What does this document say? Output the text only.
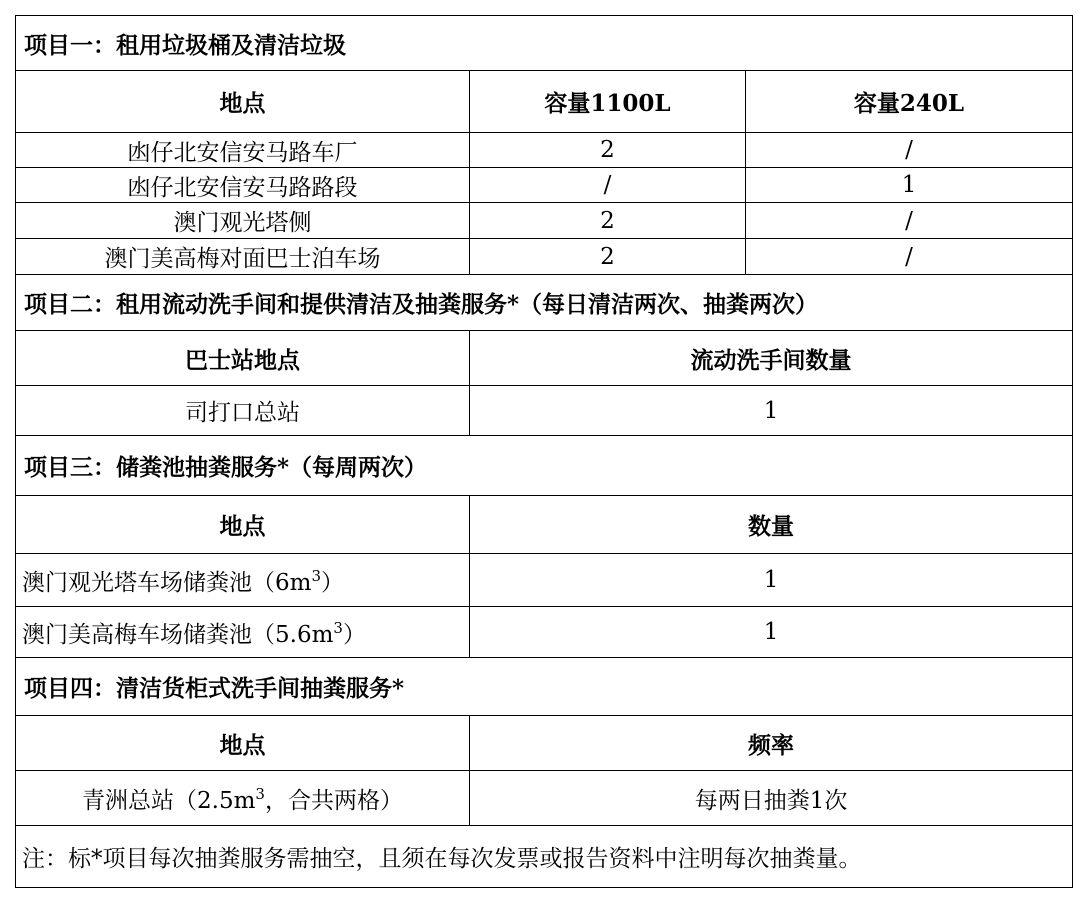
项目一：租用垃圾桶及清洁垃圾		
地点	容量1100L	容量240L
凼仔北安信安马路车厂	2	/
凼仔北安信安马路路段	/	1
澳门观光塔侧	2	/
澳门美高梅对面巴士泊车场	2	/
项目二：租用流动洗手间和提供清洁及抽粪服务*（每日清洁两次、抽粪两次）		
巴士站地点	流动洗手间数量	
司打口总站	1	
项目三：储粪池抽粪服务*（每周两次）		
地点	数量	
澳门观光塔车场储粪池$(6m^3)$	1	
澳门美高梅车场储粪池$(5.6m^3)$	1	
项目四：清洁货柜式洗手间抽粪服务*		
地点	频率	
青洲总站（$2.5m^3$，合共两格）	每两日抽粪1次	
注：标*项目每次抽粪服务需抽空，且须在每次发票或报告资料中注明每次抽粪量。		
